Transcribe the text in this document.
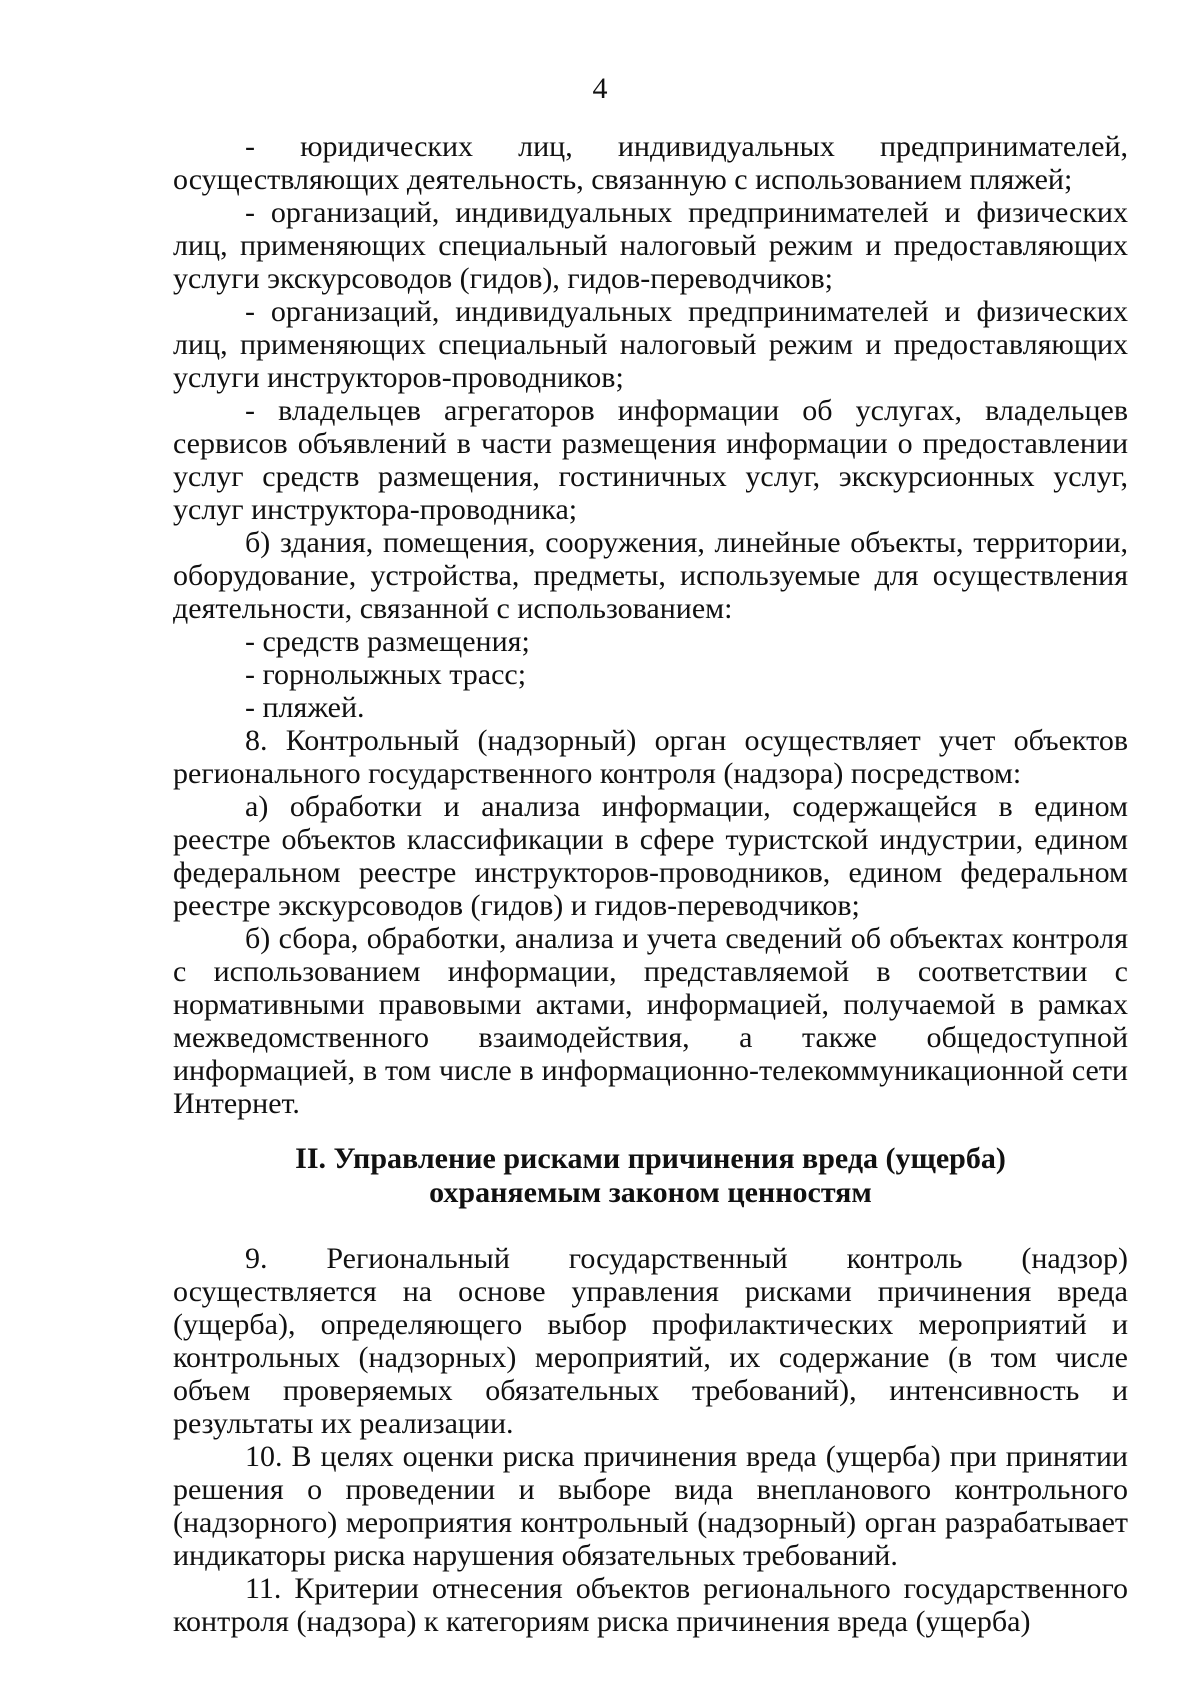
4

- юридических лиц, индивидуальных предпринимателей, осуществляющих деятельность, связанную с использованием пляжей;

- организаций, индивидуальных предпринимателей и физических лиц, применяющих специальный налоговый режим и предоставляющих услуги экскурсоводов (гидов), гидов-переводчиков;

- организаций, индивидуальных предпринимателей и физических лиц, применяющих специальный налоговый режим и предоставляющих услуги инструкторов-проводников;

- владельцев агрегаторов информации об услугах, владельцев сервисов объявлений в части размещения информации о предоставлении услуг средств размещения, гостиничных услуг, экскурсионных услуг, услуг инструктора-проводника;

б) здания, помещения, сооружения, линейные объекты, территории, оборудование, устройства, предметы, используемые для осуществления деятельности, связанной с использованием:

- средств размещения;

- горнолыжных трасс;

- пляжей.

8. Контрольный (надзорный) орган осуществляет учет объектов регионального государственного контроля (надзора) посредством:

а) обработки и анализа информации, содержащейся в едином реестре объектов классификации в сфере туристской индустрии, едином федеральном реестре инструкторов-проводников, едином федеральном реестре экскурсоводов (гидов) и гидов-переводчиков;

б) сбора, обработки, анализа и учета сведений об объектах контроля с использованием информации, представляемой в соответствии с нормативными правовыми актами, информацией, получаемой в рамках межведомственного взаимодействия, а также общедоступной информацией, в том числе в информационно-телекоммуникационной сети Интернет.

II. Управление рисками причинения вреда (ущерба) охраняемым законом ценностям

9. Региональный государственный контроль (надзор) осуществляется на основе управления рисками причинения вреда (ущерба), определяющего выбор профилактических мероприятий и контрольных (надзорных) мероприятий, их содержание (в том числе объем проверяемых обязательных требований), интенсивность и результаты их реализации.

10. В целях оценки риска причинения вреда (ущерба) при принятии решения о проведении и выборе вида внепланового контрольного (надзорного) мероприятия контрольный (надзорный) орган разрабатывает индикаторы риска нарушения обязательных требований.

11. Критерии отнесения объектов регионального государственного контроля (надзора) к категориям риска причинения вреда (ущерба)
